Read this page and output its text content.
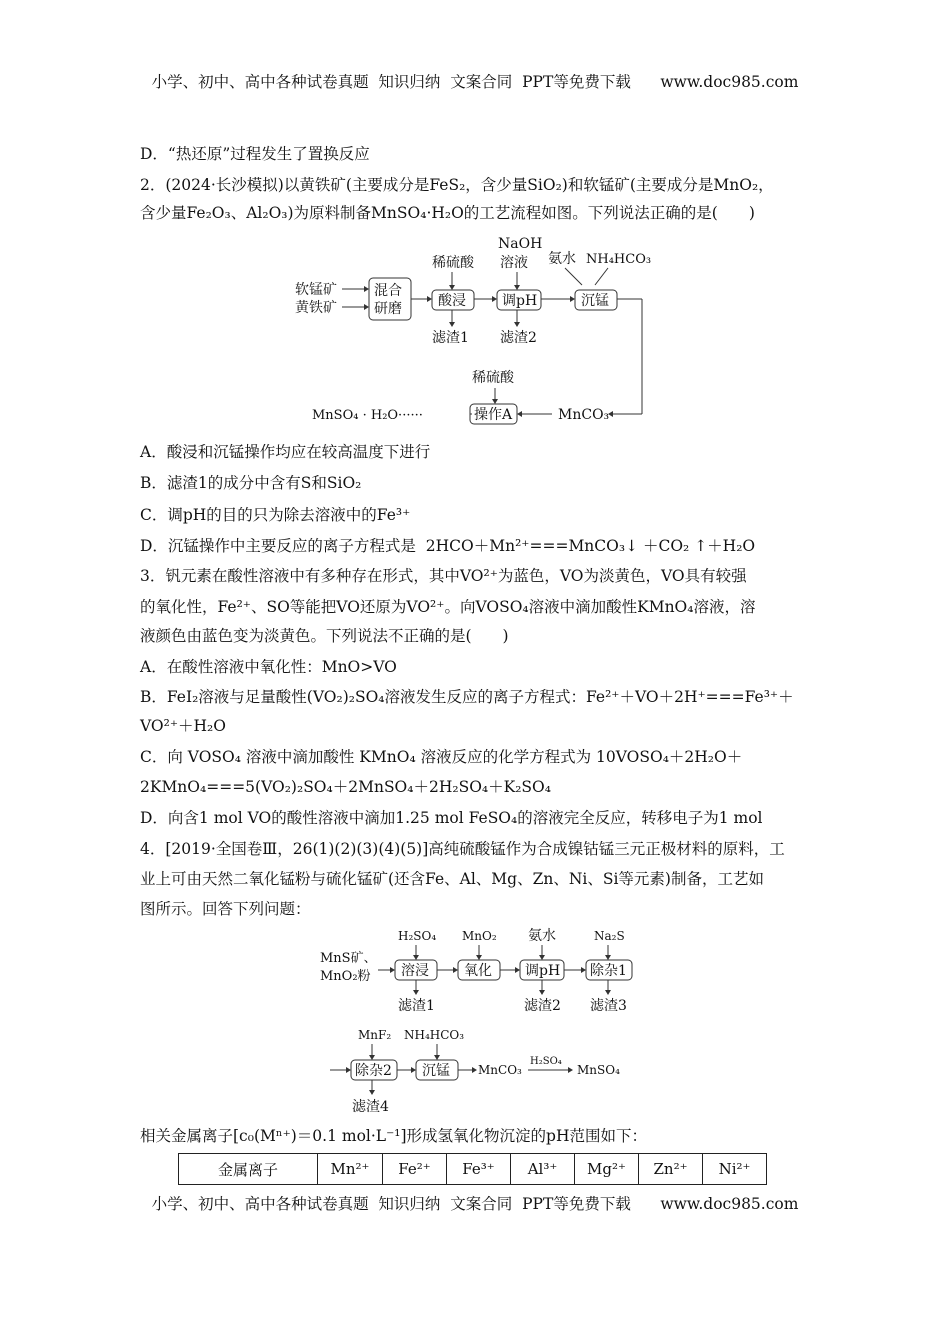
小学、初中、高中各种试卷真题  知识归纳  文案合同  PPT等免费下载      www.doc985.com
D．“热还原”过程发生了置换反应
2．(2024·长沙模拟)以黄铁矿(主要成分是FeS₂，含少量SiO₂)和软锰矿(主要成分是MnO₂，
含少量Fe₂O₃、Al₂O₃)为原料制备MnSO₄·H₂O的工艺流程如图。下列说法正确的是(　　)
软锰矿
黄铁矿
混合
研磨
稀硫酸
酸浸
滤渣1
NaOH
溶液
调pH
滤渣2
氨水 NH₄HCO₃
沉锰
MnCO₃
稀硫酸
操作A
MnSO₄ · H₂O······
A．酸浸和沉锰操作均应在较高温度下进行
B．滤渣1的成分中含有S和SiO₂
C．调pH的目的只为除去溶液中的Fe³⁺
D．沉锰操作中主要反应的离子方程式是  2HCO＋Mn²⁺===MnCO₃↓ ＋CO₂ ↑＋H₂O
3．钒元素在酸性溶液中有多种存在形式，其中VO²⁺为蓝色，VO为淡黄色，VO具有较强
的氧化性，Fe²⁺、SO等能把VO还原为VO²⁺。向VOSO₄溶液中滴加酸性KMnO₄溶液，溶
液颜色由蓝色变为淡黄色。下列说法不正确的是(　　)
A．在酸性溶液中氧化性：MnO>VO
B．FeI₂溶液与足量酸性(VO₂)₂SO₄溶液发生反应的离子方程式：Fe²⁺＋VO＋2H⁺===Fe³⁺＋
VO²⁺＋H₂O
C．向 VOSO₄ 溶液中滴加酸性 KMnO₄ 溶液反应的化学方程式为 10VOSO₄＋2H₂O＋
2KMnO₄===5(VO₂)₂SO₄＋2MnSO₄＋2H₂SO₄＋K₂SO₄
D．向含1 mol VO的酸性溶液中滴加1.25 mol FeSO₄的溶液完全反应，转移电子为1 mol
4．[2019·全国卷Ⅲ，26(1)(2)(3)(4)(5)]高纯硫酸锰作为合成镍钴锰三元正极材料的原料，工
业上可由天然二氧化锰粉与硫化锰矿(还含Fe、Al、Mg、Zn、Ni、Si等元素)制备，工艺如
图所示。回答下列问题：
MnS矿、
MnO₂粉
H₂SO₄
溶浸
滤渣1
MnO₂
氧化
氨水
调pH
滤渣2
Na₂S
除杂1
滤渣3
MnF₂
除杂2
滤渣4
NH₄HCO₃
沉锰 MnCO₃
H₂SO₄
MnSO₄
相关金属离子[c₀(Mⁿ⁺)＝0.1 mol·L⁻¹]形成氢氧化物沉淀的pH范围如下：
金属离子	Mn²⁺	Fe²⁺	Fe³⁺	Al³⁺	Mg²⁺	Zn²⁺	Ni²⁺
小学、初中、高中各种试卷真题  知识归纳  文案合同  PPT等免费下载      www.doc985.com
